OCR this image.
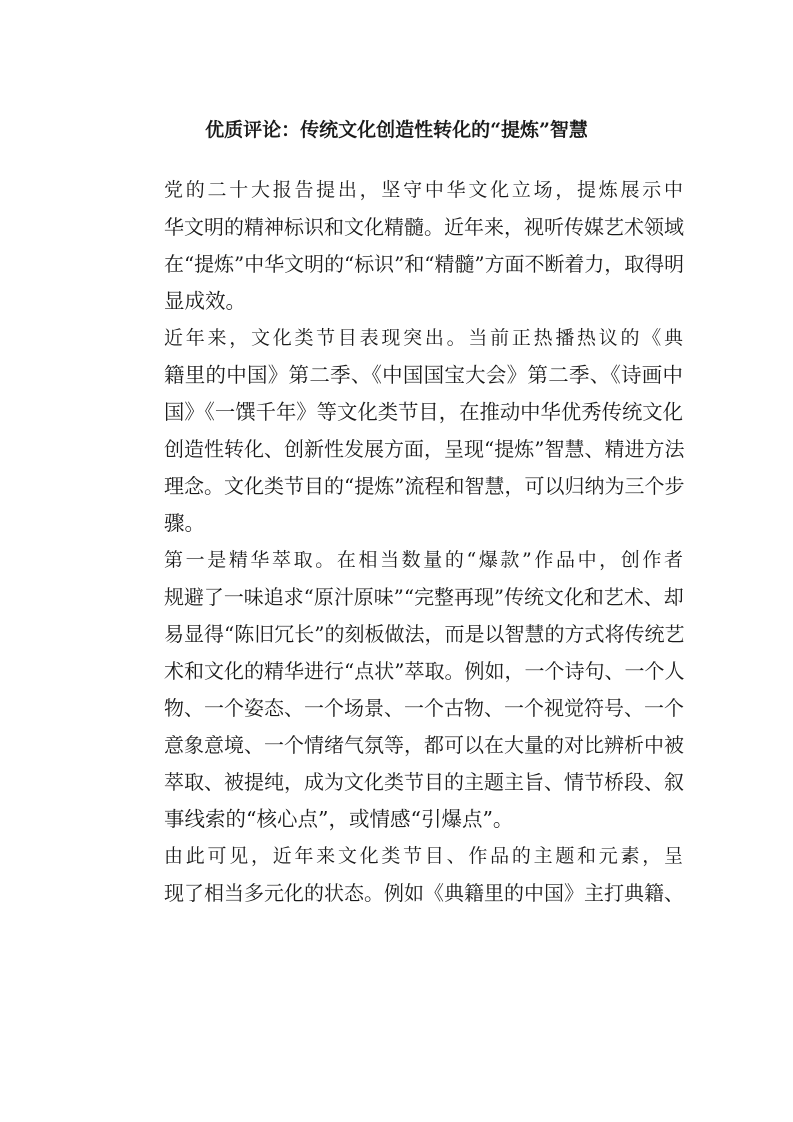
优质评论：传统文化创造性转化的“提炼”智慧

党的二十大报告提出，坚守中华文化立场，提炼展示中
华文明的精神标识和文化精髓。近年来，视听传媒艺术领域
在“提炼”中华文明的“标识”和“精髓”方面不断着力，取得明
显成效。

近年来，文化类节目表现突出。当前正热播热议的《典
籍里的中国》第二季、《中国国宝大会》第二季、《诗画中
国》《一馔千年》等文化类节目，在推动中华优秀传统文化
创造性转化、创新性发展方面，呈现“提炼”智慧、精进方法
理念。文化类节目的“提炼”流程和智慧，可以归纳为三个步
骤。

第一是精华萃取。在相当数量的“爆款”作品中，创作者
规避了一味追求“原汁原味”“完整再现”传统文化和艺术、却
易显得“陈旧冗长”的刻板做法，而是以智慧的方式将传统艺
术和文化的精华进行“点状”萃取。例如，一个诗句、一个人
物、一个姿态、一个场景、一个古物、一个视觉符号、一个
意象意境、一个情绪气氛等，都可以在大量的对比辨析中被
萃取、被提纯，成为文化类节目的主题主旨、情节桥段、叙
事线索的“核心点”，或情感“引爆点”。

由此可见，近年来文化类节目、作品的主题和元素，呈
现了相当多元化的状态。例如《典籍里的中国》主打典籍、
